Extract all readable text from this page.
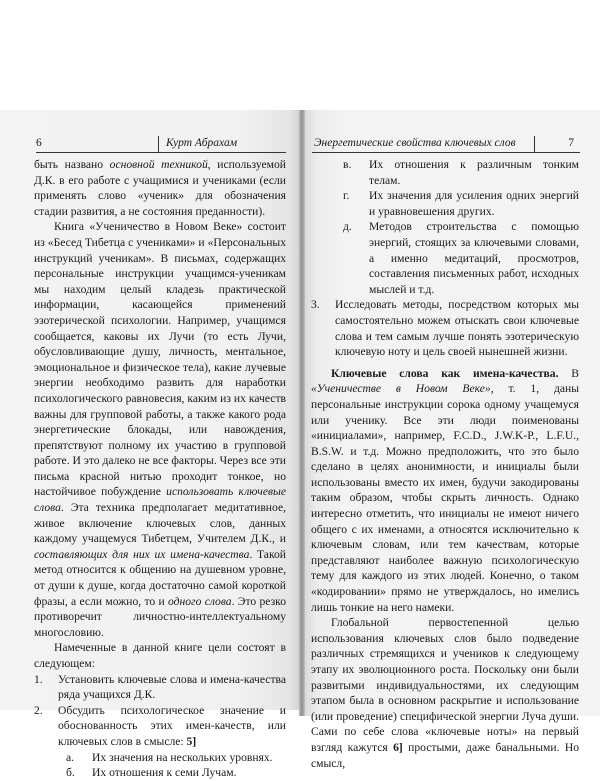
6	Курт Абрахам	Энергетические свойства ключевых слов	7

быть названо основной техникой, используемой Д.К. в его работе с учащимися и учениками (если применять слово «ученик» для обозначения стадии развития, а не состояния преданности).

Книга «Ученичество в Новом Веке» состоит из «Бесед Тибетца с учениками» и «Персональных инструкций ученикам». В письмах, содержащих персональные инструкции учащимся-ученикам мы находим целый кладезь практической информации, касающейся применений эзотерической психологии. Например, учащимся сообщается, каковы их Лучи (то есть Лучи, обусловливающие душу, личность, ментальное, эмоциональное и физическое тела), какие лучевые энергии необходимо развить для наработки психологического равновесия, каким из их качеств важны для групповой работы, а также какого рода энергетические блокады, или навождения, препятствуют полному их участию в групповой работе. И это далеко не все факторы. Через все эти письма красной нитью проходит тонкое, но настойчивое побуждение использовать ключевые слова. Эта техника предполагает медитативное, живое включение ключевых слов, данных каждому учащемуся Тибетцем, Учителем Д.К., и составляющих для них их имена-качества. Такой метод относится к общению на душевном уровне, от души к душе, когда достаточно самой короткой фразы, а если можно, то и одного слова. Это резко противоречит личностно-интеллектуальному многословию.

Намеченные в данной книге цели состоят в следующем:

1. Установить ключевые слова и имена-качества ряда учащихся Д.К.

2. Обсудить психологическое значение и обоснованность этих имен-качеств, или ключевых слов в смысле: 5]

а. Их значения на нескольких уровнях.

б. Их отношения к семи Лучам.

в. Их отношения к различным тонким телам.

г. Их значения для усиления одних энергий и уравновешения других.

д. Методов строительства с помощью энергий, стоящих за ключевыми словами, а именно медитаций, просмотров, составления письменных работ, исходных мыслей и т.д.

3. Исследовать методы, посредством которых мы самостоятельно можем отыскать свои ключевые слова и тем самым лучше понять эзотерическую ключевую ноту и цель своей нынешней жизни.

Ключевые слова как имена-качества. В «Ученичестве в Новом Веке», т. 1, даны персональные инструкции сорока одному учащемуся или ученику. Все эти люди поименованы «инициалами», например, F.C.D., J.W.K-P., L.F.U., B.S.W. и т.д. Можно предположить, что это было сделано в целях анонимности, и инициалы были использованы вместо их имен, будучи закодированы таким образом, чтобы скрыть личность. Однако интересно отметить, что инициалы не имеют ничего общего с их именами, а относятся исключительно к ключевым словам, или тем качествам, которые представляют наиболее важную психологическую тему для каждого из этих людей. Конечно, о таком «кодировании» прямо не утверждалось, но имелись лишь тонкие на него намеки.

Глобальной первостепенной целью использования ключевых слов было подведение различных стремящихся и учеников к следующему этапу их эволюционного роста. Поскольку они были развитыми индивидуальностями, их следующим этапом была в основном раскрытие и использование (или проведение) специфической энергии Луча души. Сами по себе слова «ключевые ноты» на первый взгляд кажутся 6] простыми, даже банальными. Но смысл,
